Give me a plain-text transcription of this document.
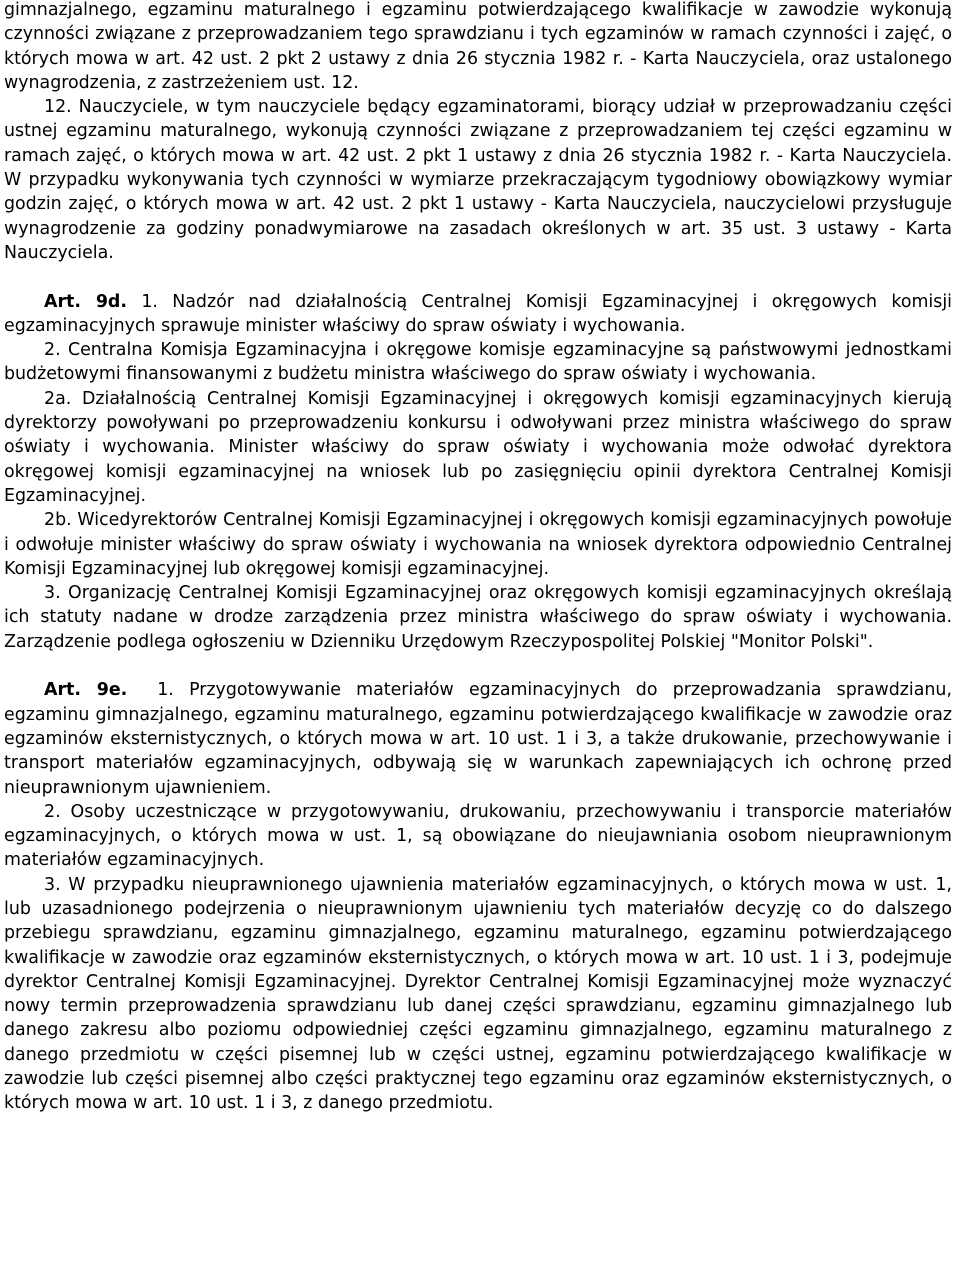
gimnazjalnego, egzaminu maturalnego i egzaminu potwierdzającego kwalifikacje w zawodzie wykonują czynności związane z przeprowadzaniem tego sprawdzianu i tych egzaminów w ramach czynności i zajęć, o których mowa w art. 42 ust. 2 pkt 2 ustawy z dnia 26 stycznia 1982 r. - Karta Nauczyciela, oraz ustalonego wynagrodzenia, z zastrzeżeniem ust. 12.

12. Nauczyciele, w tym nauczyciele będący egzaminatorami, biorący udział w przeprowadzaniu części ustnej egzaminu maturalnego, wykonują czynności związane z przeprowadzaniem tej części egzaminu w ramach zajęć, o których mowa w art. 42 ust. 2 pkt 1 ustawy z dnia 26 stycznia 1982 r. - Karta Nauczyciela. W przypadku wykonywania tych czynności w wymiarze przekraczającym tygodniowy obowiązkowy wymiar godzin zajęć, o których mowa w art. 42 ust. 2 pkt 1 ustawy - Karta Nauczyciela, nauczycielowi przysługuje wynagrodzenie za godziny ponadwymiarowe na zasadach określonych w art. 35 ust. 3 ustawy - Karta Nauczyciela.

Art. 9d. 1. Nadzór nad działalnością Centralnej Komisji Egzaminacyjnej i okręgowych komisji egzaminacyjnych sprawuje minister właściwy do spraw oświaty i wychowania.

2. Centralna Komisja Egzaminacyjna i okręgowe komisje egzaminacyjne są państwowymi jednostkami budżetowymi finansowanymi z budżetu ministra właściwego do spraw oświaty i wychowania.

2a. Działalnością Centralnej Komisji Egzaminacyjnej i okręgowych komisji egzaminacyjnych kierują dyrektorzy powoływani po przeprowadzeniu konkursu i odwoływani przez ministra właściwego do spraw oświaty i wychowania. Minister właściwy do spraw oświaty i wychowania może odwołać dyrektora okręgowej komisji egzaminacyjnej na wniosek lub po zasięgnięciu opinii dyrektora Centralnej Komisji Egzaminacyjnej.

2b. Wicedyrektorów Centralnej Komisji Egzaminacyjnej i okręgowych komisji egzaminacyjnych powołuje i odwołuje minister właściwy do spraw oświaty i wychowania na wniosek dyrektora odpowiednio Centralnej Komisji Egzaminacyjnej lub okręgowej komisji egzaminacyjnej.

3. Organizację Centralnej Komisji Egzaminacyjnej oraz okręgowych komisji egzaminacyjnych określają ich statuty nadane w drodze zarządzenia przez ministra właściwego do spraw oświaty i wychowania. Zarządzenie podlega ogłoszeniu w Dzienniku Urzędowym Rzeczypospolitej Polskiej "Monitor Polski".

Art. 9e. 1. Przygotowywanie materiałów egzaminacyjnych do przeprowadzania sprawdzianu, egzaminu gimnazjalnego, egzaminu maturalnego, egzaminu potwierdzającego kwalifikacje w zawodzie oraz egzaminów eksternistycznych, o których mowa w art. 10 ust. 1 i 3, a także drukowanie, przechowywanie i transport materiałów egzaminacyjnych, odbywają się w warunkach zapewniających ich ochronę przed nieuprawnionym ujawnieniem.

2. Osoby uczestniczące w przygotowywaniu, drukowaniu, przechowywaniu i transporcie materiałów egzaminacyjnych, o których mowa w ust. 1, są obowiązane do nieujawniania osobom nieuprawnionym materiałów egzaminacyjnych.

3. W przypadku nieuprawnionego ujawnienia materiałów egzaminacyjnych, o których mowa w ust. 1, lub uzasadnionego podejrzenia o nieuprawnionym ujawnieniu tych materiałów decyzję co do dalszego przebiegu sprawdzianu, egzaminu gimnazjalnego, egzaminu maturalnego, egzaminu potwierdzającego kwalifikacje w zawodzie oraz egzaminów eksternistycznych, o których mowa w art. 10 ust. 1 i 3, podejmuje dyrektor Centralnej Komisji Egzaminacyjnej. Dyrektor Centralnej Komisji Egzaminacyjnej może wyznaczyć nowy termin przeprowadzenia sprawdzianu lub danej części sprawdzianu, egzaminu gimnazjalnego lub danego zakresu albo poziomu odpowiedniej części egzaminu gimnazjalnego, egzaminu maturalnego z danego przedmiotu w części pisemnej lub w części ustnej, egzaminu potwierdzającego kwalifikacje w zawodzie lub części pisemnej albo części praktycznej tego egzaminu oraz egzaminów eksternistycznych, o których mowa w art. 10 ust. 1 i 3, z danego przedmiotu.
